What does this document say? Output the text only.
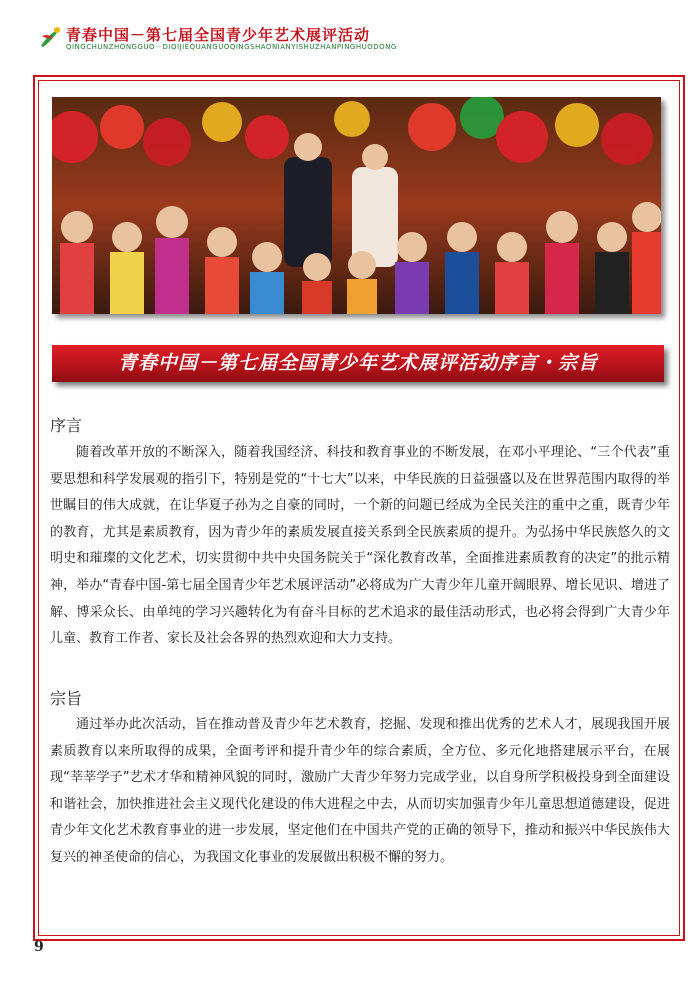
青春中国－第七届全国青少年艺术展评活动
QINGCHUNZHONGGUO－DIQIJIEQUANGUOQINGSHAONIANYISHUZHANPINGHUODONG
青春中国－第七届全国青少年艺术展评活动序言・宗旨
序言

随着改革开放的不断深入，随着我国经济、科技和教育事业的不断发展，在邓小平理论、“三个代表”重要思想和科学发展观的指引下，特别是党的“十七大”以来，中华民族的日益强盛以及在世界范围内取得的举世瞩目的伟大成就，在让华夏子孙为之自豪的同时，一个新的问题已经成为全民关注的重中之重，既青少年的教育，尤其是素质教育，因为青少年的素质发展直接关系到全民族素质的提升。为弘扬中华民族悠久的文明史和璀璨的文化艺术，切实贯彻中共中央国务院关于“深化教育改革，全面推进素质教育的决定”的批示精神，举办“青春中国-第七届全国青少年艺术展评活动”必将成为广大青少年儿童开阔眼界、增长见识、增进了解、博采众长、由单纯的学习兴趣转化为有奋斗目标的艺术追求的最佳活动形式，也必将会得到广大青少年儿童、教育工作者、家长及社会各界的热烈欢迎和大力支持。

宗旨

通过举办此次活动，旨在推动普及青少年艺术教育，挖掘、发现和推出优秀的艺术人才，展现我国开展素质教育以来所取得的成果，全面考评和提升青少年的综合素质，全方位、多元化地搭建展示平台，在展现“莘莘学子”艺术才华和精神风貌的同时，激励广大青少年努力完成学业，以自身所学积极投身到全面建设和谐社会，加快推进社会主义现代化建设的伟大进程之中去，从而切实加强青少年儿童思想道德建设，促进青少年文化艺术教育事业的进一步发展，坚定他们在中国共产党的正确的领导下，推动和振兴中华民族伟大复兴的神圣使命的信心，为我国文化事业的发展做出积极不懈的努力。

9
